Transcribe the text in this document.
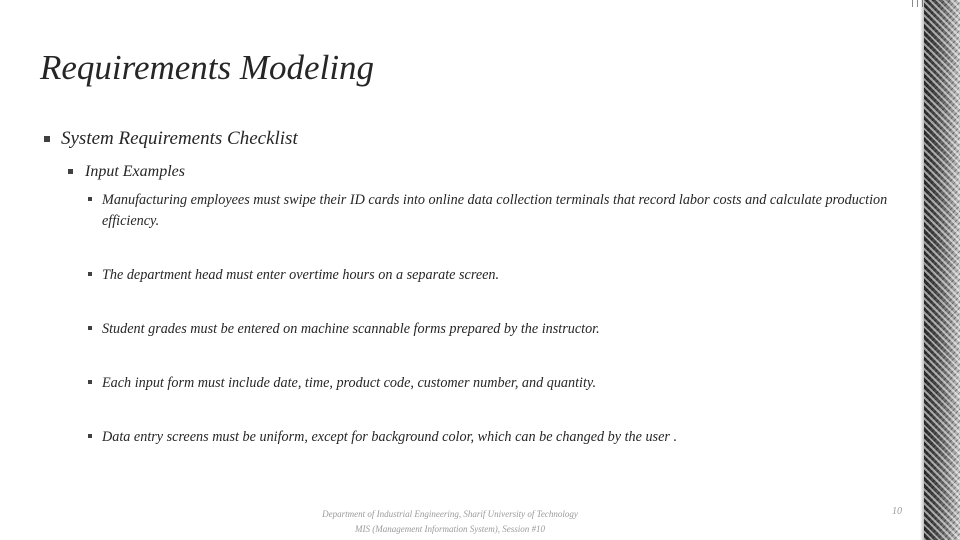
Requirements Modeling
System Requirements Checklist
Input Examples
Manufacturing employees must swipe their ID cards into online data collection terminals that record labor costs and calculate production efficiency.
The department head must enter overtime hours on a separate screen.
Student grades must be entered on machine scannable forms prepared by the instructor.
Each input form must include date, time, product code, customer number, and quantity.
Data entry screens must be uniform, except for background color, which can be changed by the user .
Department of Industrial Engineering, Sharif University of Technology
MIS (Management Information System), Session #10
10
